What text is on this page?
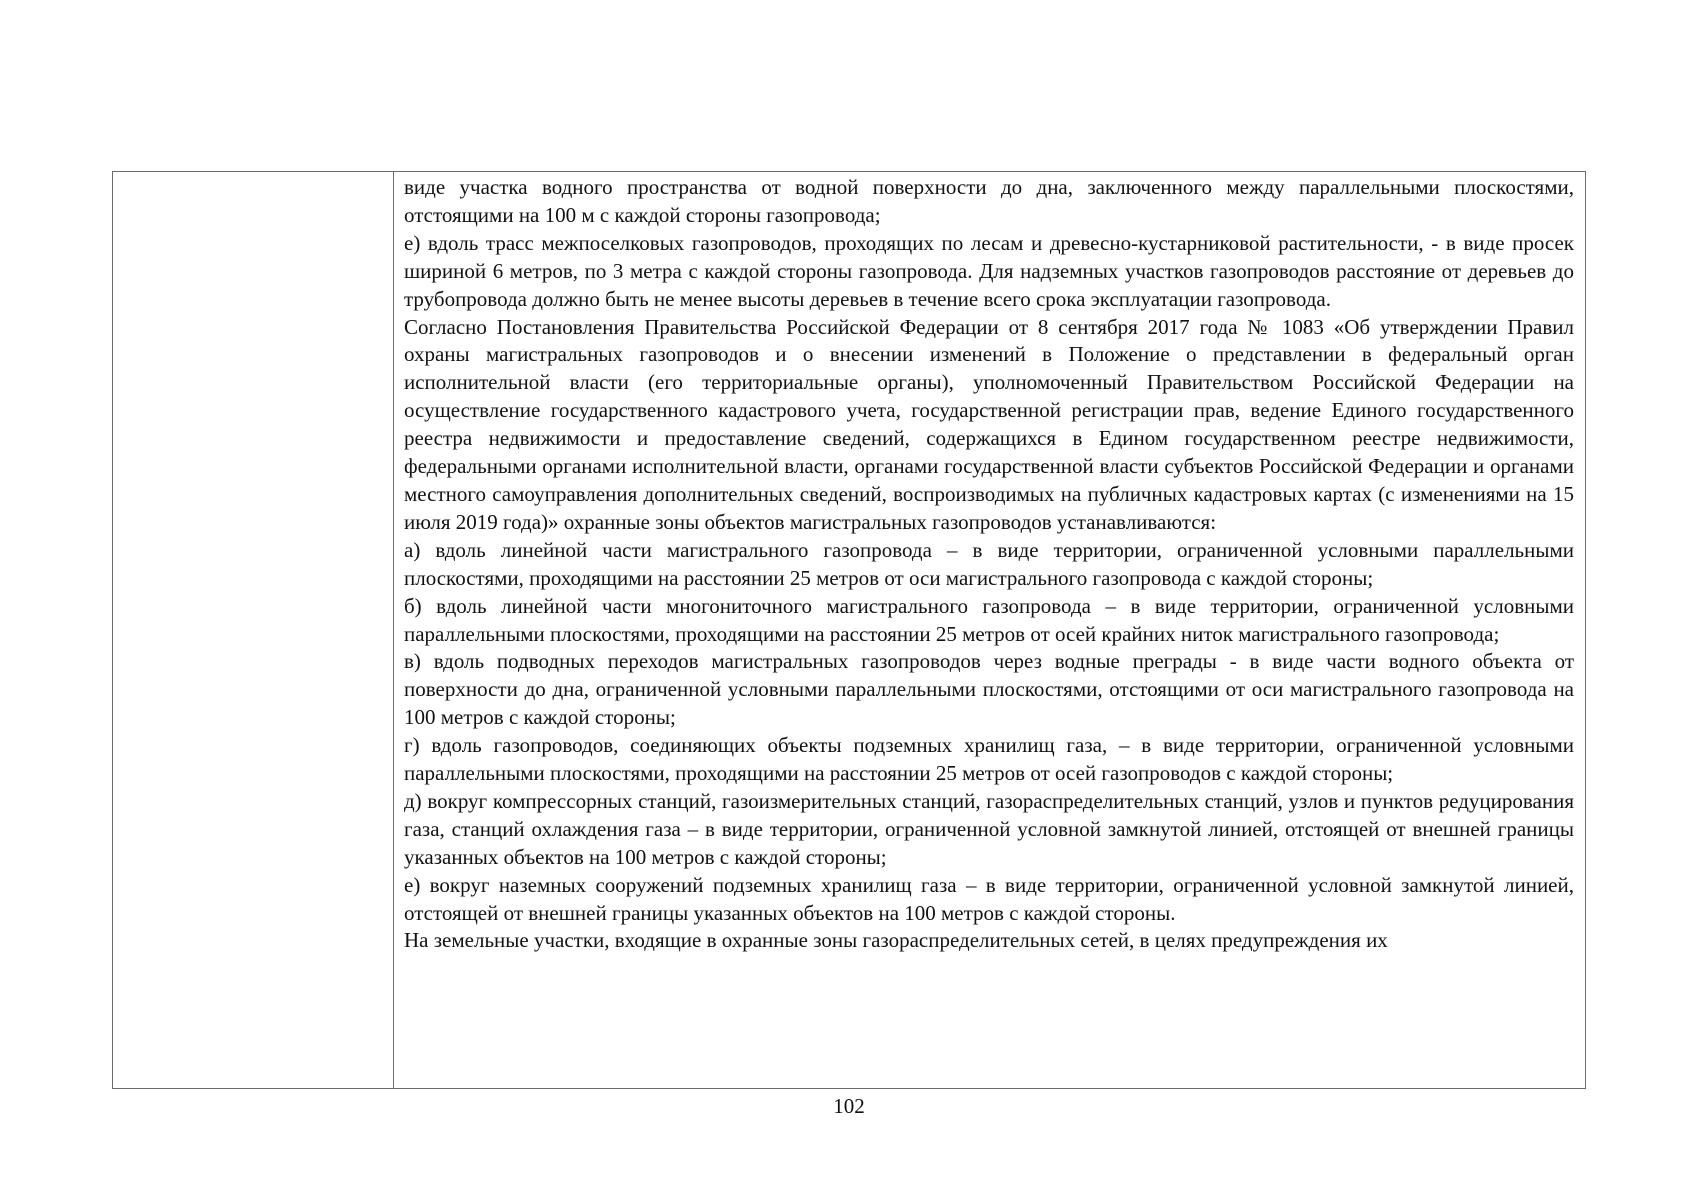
виде участка водного пространства от водной поверхности до дна, заключенного между параллельными плоскостями, отстоящими на 100 м с каждой стороны газопровода;

е) вдоль трасс межпоселковых газопроводов, проходящих по лесам и древесно-кустарниковой растительности, - в виде просек шириной 6 метров, по 3 метра с каждой стороны газопровода. Для надземных участков газопроводов расстояние от деревьев до трубопровода должно быть не менее высоты деревьев в течение всего срока эксплуатации газопровода.

Согласно Постановления Правительства Российской Федерации от 8 сентября 2017 года № 1083 «Об утверждении Правил охраны магистральных газопроводов и о внесении изменений в Положение о представлении в федеральный орган исполнительной власти (его территориальные органы), уполномоченный Правительством Российской Федерации на осуществление государственного кадастрового учета, государственной регистрации прав, ведение Единого государственного реестра недвижимости и предоставление сведений, содержащихся в Едином государственном реестре недвижимости, федеральными органами исполнительной власти, органами государственной власти субъектов Российской Федерации и органами местного самоуправления дополнительных сведений, воспроизводимых на публичных кадастровых картах (с изменениями на 15 июля 2019 года)» охранные зоны объектов магистральных газопроводов устанавливаются:

а) вдоль линейной части магистрального газопровода – в виде территории, ограниченной условными параллельными плоскостями, проходящими на расстоянии 25 метров от оси магистрального газопровода с каждой стороны;

б) вдоль линейной части многониточного магистрального газопровода – в виде территории, ограниченной условными параллельными плоскостями, проходящими на расстоянии 25 метров от осей крайних ниток магистрального газопровода;

в) вдоль подводных переходов магистральных газопроводов через водные преграды - в виде части водного объекта от поверхности до дна, ограниченной условными параллельными плоскостями, отстоящими от оси магистрального газопровода на 100 метров с каждой стороны;

г) вдоль газопроводов, соединяющих объекты подземных хранилищ газа, – в виде территории, ограниченной условными параллельными плоскостями, проходящими на расстоянии 25 метров от осей газопроводов с каждой стороны;

д) вокруг компрессорных станций, газоизмерительных станций, газораспределительных станций, узлов и пунктов редуцирования газа, станций охлаждения газа – в виде территории, ограниченной условной замкнутой линией, отстоящей от внешней границы указанных объектов на 100 метров с каждой стороны;

е) вокруг наземных сооружений подземных хранилищ газа – в виде территории, ограниченной условной замкнутой линией, отстоящей от внешней границы указанных объектов на 100 метров с каждой стороны.

На земельные участки, входящие в охранные зоны газораспределительных сетей, в целях предупреждения их

102
